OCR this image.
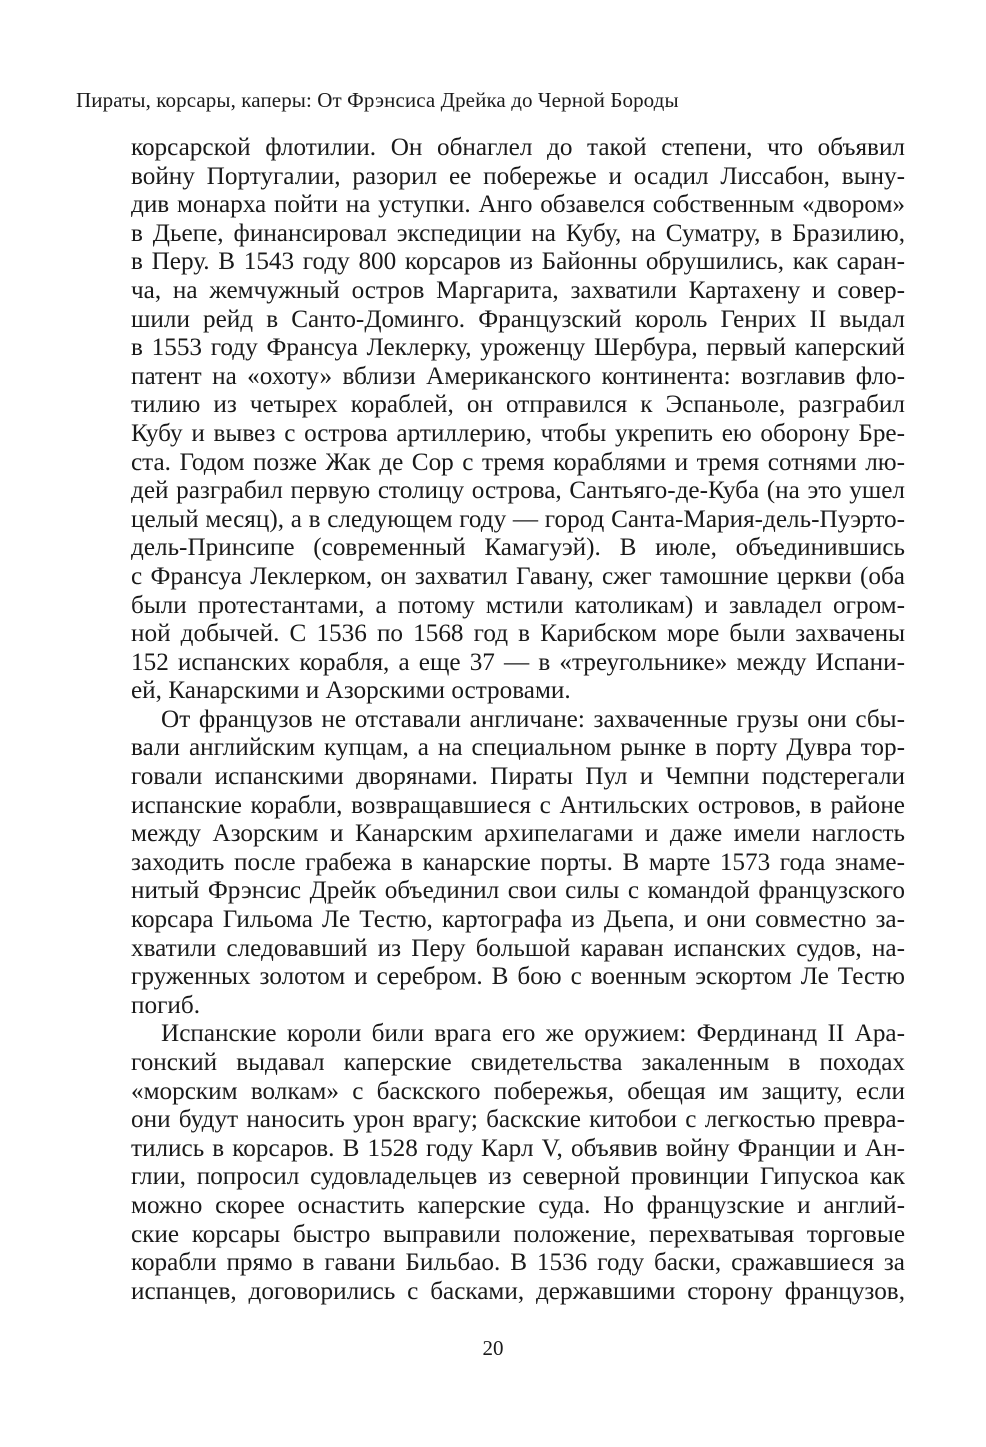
Пираты, корсары, каперы: От Фрэнсиса Дрейка до Черной Бороды
корсарской флотилии. Он обнаглел до такой степени, что объявил
войну Португалии, разорил ее побережье и осадил Лиссабон, выну-
див монарха пойти на уступки. Анго обзавелся собственным «двором»
в Дьепе, финансировал экспедиции на Кубу, на Суматру, в Бразилию,
в Перу. В 1543 году 800 корсаров из Байонны обрушились, как саран-
ча, на жемчужный остров Маргарита, захватили Картахену и совер-
шили рейд в Санто-Доминго. Французский король Генрих II выдал
в 1553 году Франсуа Леклерку, уроженцу Шербура, первый каперский
патент на «охоту» вблизи Американского континента: возглавив фло-
тилию из четырех кораблей, он отправился к Эспаньоле, разграбил
Кубу и вывез с острова артиллерию, чтобы укрепить ею оборону Бре-
ста. Годом позже Жак де Сор с тремя кораблями и тремя сотнями лю-
дей разграбил первую столицу острова, Сантьяго-де-Куба (на это ушел
целый месяц), а в следующем году — город Санта-Мария-дель-Пуэрто-
дель-Принсипе (современный Камагуэй). В июле, объединившись
с Франсуа Леклерком, он захватил Гавану, сжег тамошние церкви (оба
были протестантами, а потому мстили католикам) и завладел огром-
ной добычей. С 1536 по 1568 год в Карибском море были захвачены
152 испанских корабля, а еще 37 — в «треугольнике» между Испани-
ей, Канарскими и Азорскими островами.
От французов не отставали англичане: захваченные грузы они сбы-
вали английским купцам, а на специальном рынке в порту Дувра тор-
говали испанскими дворянами. Пираты Пул и Чемпни подстерегали
испанские корабли, возвращавшиеся с Антильских островов, в районе
между Азорским и Канарским архипелагами и даже имели наглость
заходить после грабежа в канарские порты. В марте 1573 года знаме-
нитый Фрэнсис Дрейк объединил свои силы с командой французского
корсара Гильома Ле Тестю, картографа из Дьепа, и они совместно за-
хватили следовавший из Перу большой караван испанских судов, на-
груженных золотом и серебром. В бою с военным эскортом Ле Тестю
погиб.
Испанские короли били врага его же оружием: Фердинанд II Ара-
гонский выдавал каперские свидетельства закаленным в походах
«морским волкам» с баскского побережья, обещая им защиту, если
они будут наносить урон врагу; баскские китобои с легкостью превра-
тились в корсаров. В 1528 году Карл V, объявив войну Франции и Ан-
глии, попросил судовладельцев из северной провинции Гипускоа как
можно скорее оснастить каперские суда. Но французские и англий-
ские корсары быстро выправили положение, перехватывая торговые
корабли прямо в гавани Бильбао. В 1536 году баски, сражавшиеся за
испанцев, договорились с басками, державшими сторону французов,
20
